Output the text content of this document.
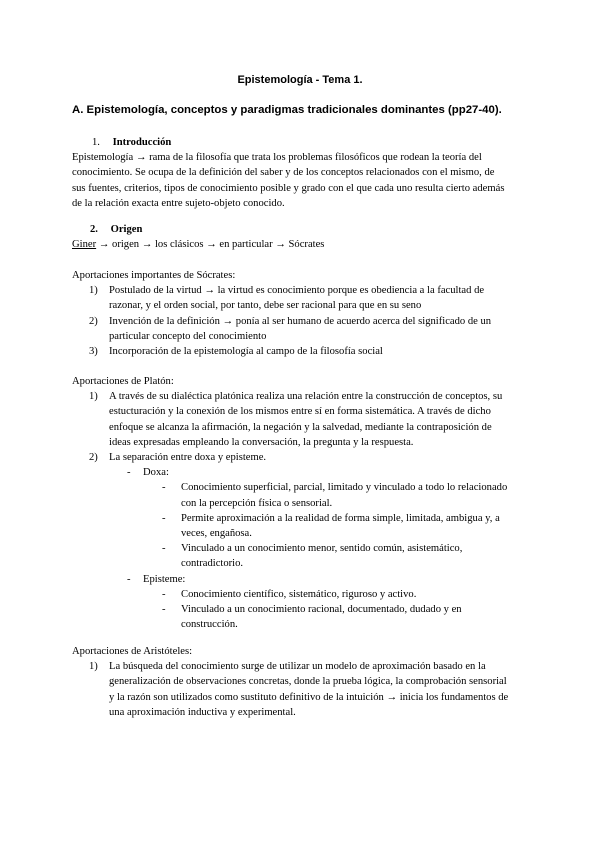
Epistemología - Tema 1.
A. Epistemología, conceptos y paradigmas tradicionales dominantes (pp27-40).

1. Introducción

Epistemología → rama de la filosofía que trata los problemas filosóficos que rodean la teoría del

conocimiento. Se ocupa de la definición del saber y de los conceptos relacionados con el mismo, de

sus fuentes, criterios, tipos de conocimiento posible y grado con el que cada uno resulta cierto además

de la relación exacta entre sujeto-objeto conocido.

2. Origen

Giner → origen → los clásicos → en particular → Sócrates

Aportaciones importantes de Sócrates:

1) Postulado de la virtud → la virtud es conocimiento porque es obediencia a la facultad de

razonar, y el orden social, por tanto, debe ser racional para que en su seno

2) Invención de la definición → ponía al ser humano de acuerdo acerca del significado de un

particular concepto del conocimiento

3) Incorporación de la epistemología al campo de la filosofía social

Aportaciones de Platón:

1) A través de su dialéctica platónica realiza una relación entre la construcción de conceptos, su

estucturación y la conexión de los mismos entre sí en forma sistemática. A través de dicho

enfoque se alcanza la afirmación, la negación y la salvedad, mediante la contraposición de

ideas expresadas empleando la conversación, la pregunta y la respuesta.

2) La separación entre doxa y episteme.

- Doxa:

- Conocimiento superficial, parcial, limitado y vinculado a todo lo relacionado

con la percepción física o sensorial.

- Permite aproximación a la realidad de forma simple, limitada, ambigua y, a

veces, engañosa.

- Vinculado a un conocimiento menor, sentido común, asistemático,

contradictorio.

- Episteme:

- Conocimiento científico, sistemático, riguroso y activo.

- Vinculado a un conocimiento racional, documentado, dudado y en

construcción.

Aportaciones de Aristóteles:

1) La búsqueda del conocimiento surge de utilizar un modelo de aproximación basado en la

generalización de observaciones concretas, donde la prueba lógica, la comprobación sensorial

y la razón son utilizados como sustituto definitivo de la intuición → inicia los fundamentos de

una aproximación inductiva y experimental.
